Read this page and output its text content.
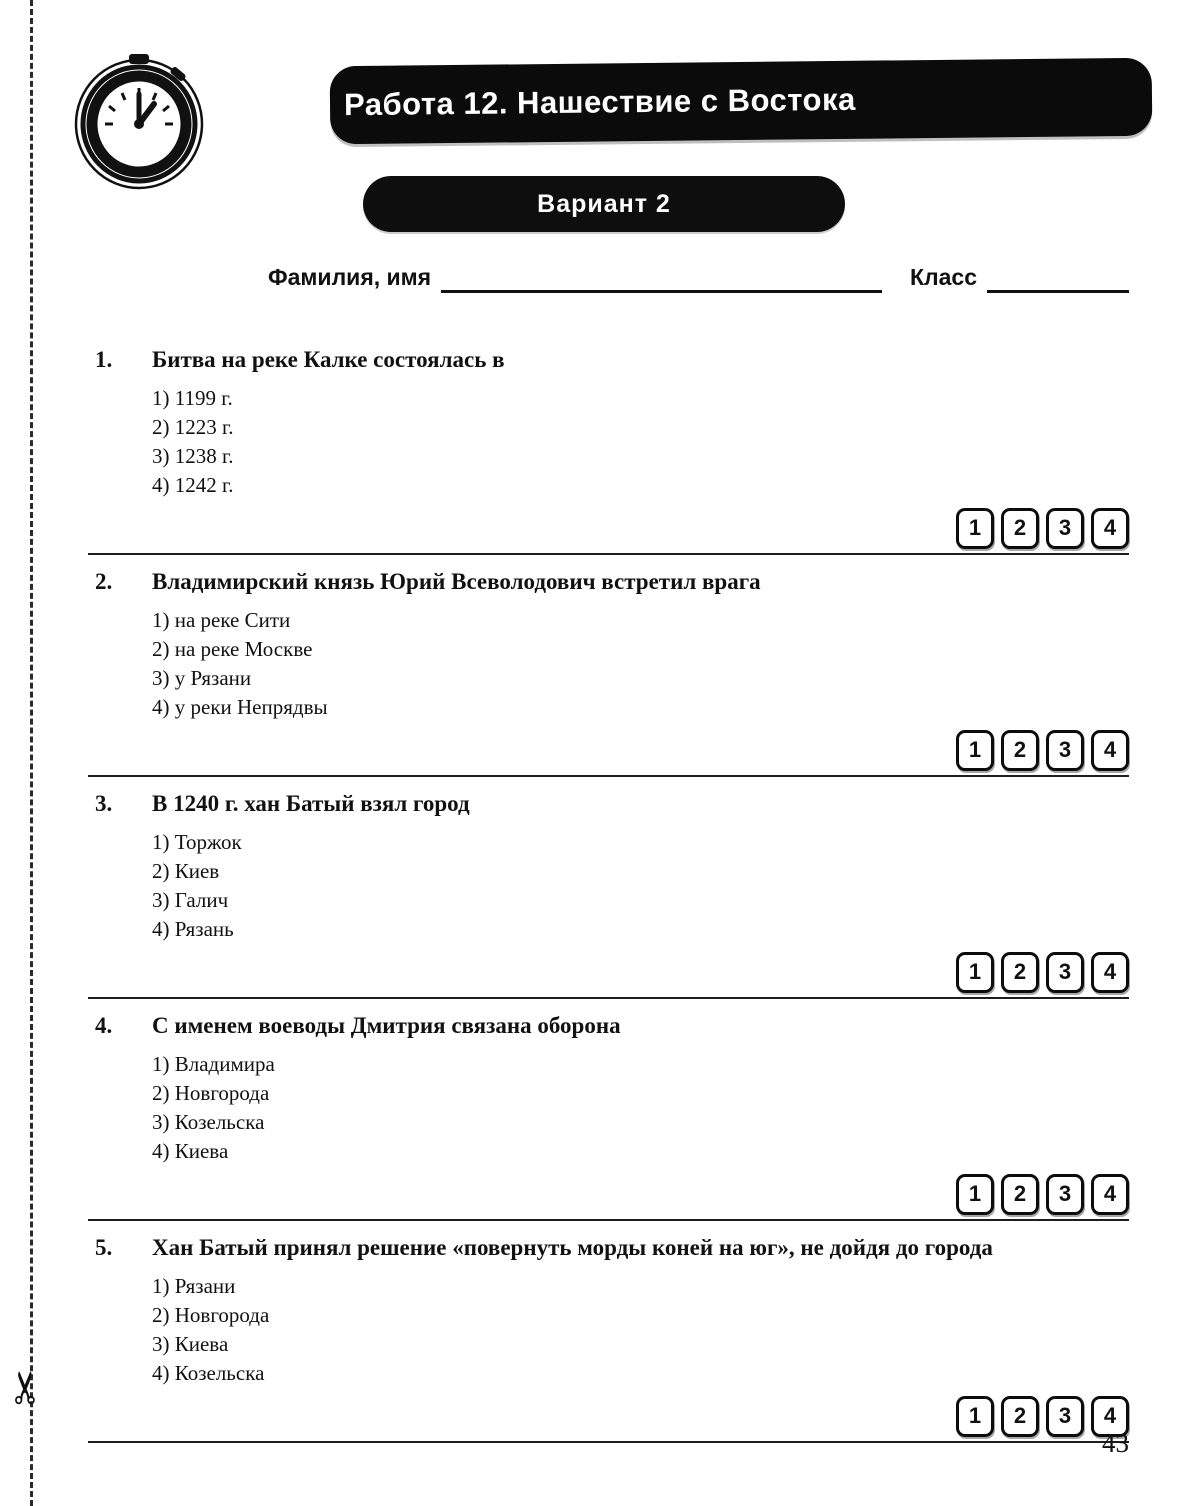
✂
Работа 12. Нашествие с Востока
Вариант 2
Фамилия, имя	Класс
1.	Битва на реке Калке состоялась в
1) 1199 г.
2) 1223 г.
3) 1238 г.
4) 1242 г.
1	2	3	4
2.	Владимирский князь Юрий Всеволодович встретил врага
1) на реке Сити
2) на реке Москве
3) у Рязани
4) у реки Непрядвы
1	2	3	4
3.	В 1240 г. хан Батый взял город
1) Торжок
2) Киев
3) Галич
4) Рязань
1	2	3	4
4.	С именем воеводы Дмитрия связана оборона
1) Владимира
2) Новгорода
3) Козельска
4) Киева
1	2	3	4
5.	Хан Батый принял решение «повернуть морды коней на юг», не дойдя до города
1) Рязани
2) Новгорода
3) Киева
4) Козельска
1	2	3	4
43
